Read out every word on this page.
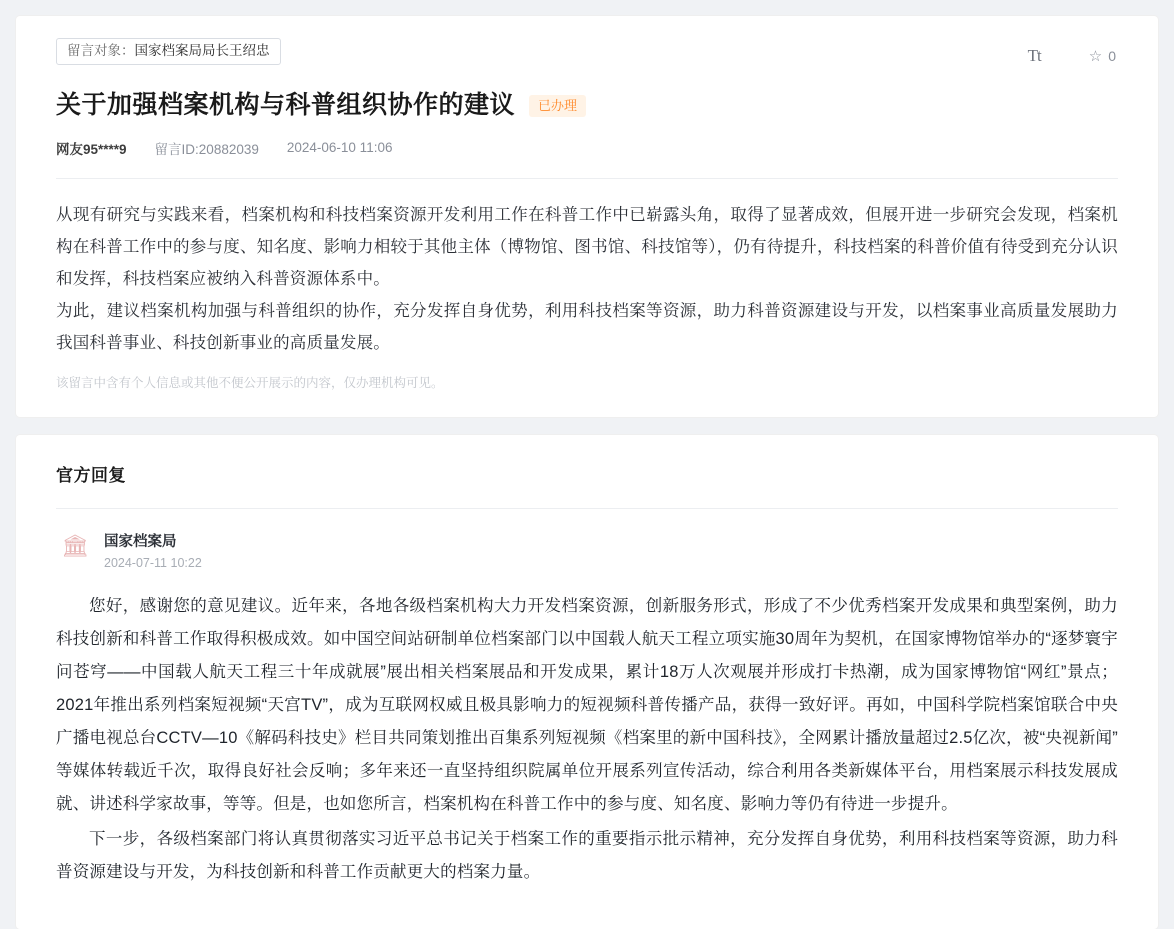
留言对象： 国家档案局局长王绍忠	Tt	☆ 0
关于加强档案机构与科普组织协作的建议	已办理
网友95****9 留言ID:20882039 2024-06-10 11:06

从现有研究与实践来看，档案机构和科技档案资源开发利用工作在科普工作中已崭露头角，取得了显著成效，但展开进一步研究会发现，档案机构在科普工作中的参与度、知名度、影响力相较于其他主体（博物馆、图书馆、科技馆等），仍有待提升，科技档案的科普价值有待受到充分认识和发挥，科技档案应被纳入科普资源体系中。

为此，建议档案机构加强与科普组织的协作，充分发挥自身优势，利用科技档案等资源，助力科普资源建设与开发，以档案事业高质量发展助力我国科普事业、科技创新事业的高质量发展。

该留言中含有个人信息或其他不便公开展示的内容，仅办理机构可见。
官方回复
🏛 国家档案局
2024-07-11 10:22

您好，感谢您的意见建议。近年来，各地各级档案机构大力开发档案资源，创新服务形式，形成了不少优秀档案开发成果和典型案例，助力科技创新和科普工作取得积极成效。如中国空间站研制单位档案部门以中国载人航天工程立项实施30周年为契机，在国家博物馆举办的“逐梦寰宇问苍穹——中国载人航天工程三十年成就展”展出相关档案展品和开发成果，累计18万人次观展并形成打卡热潮，成为国家博物馆“网红”景点；2021年推出系列档案短视频“天宫TV”，成为互联网权威且极具影响力的短视频科普传播产品，获得一致好评。再如，中国科学院档案馆联合中央广播电视总台CCTV—10《解码科技史》栏目共同策划推出百集系列短视频《档案里的新中国科技》，全网累计播放量超过2.5亿次，被“央视新闻”等媒体转载近千次，取得良好社会反响；多年来还一直坚持组织院属单位开展系列宣传活动，综合利用各类新媒体平台，用档案展示科技发展成就、讲述科学家故事，等等。但是，也如您所言，档案机构在科普工作中的参与度、知名度、影响力等仍有待进一步提升。

下一步，各级档案部门将认真贯彻落实习近平总书记关于档案工作的重要指示批示精神，充分发挥自身优势，利用科技档案等资源，助力科普资源建设与开发，为科技创新和科普工作贡献更大的档案力量。
